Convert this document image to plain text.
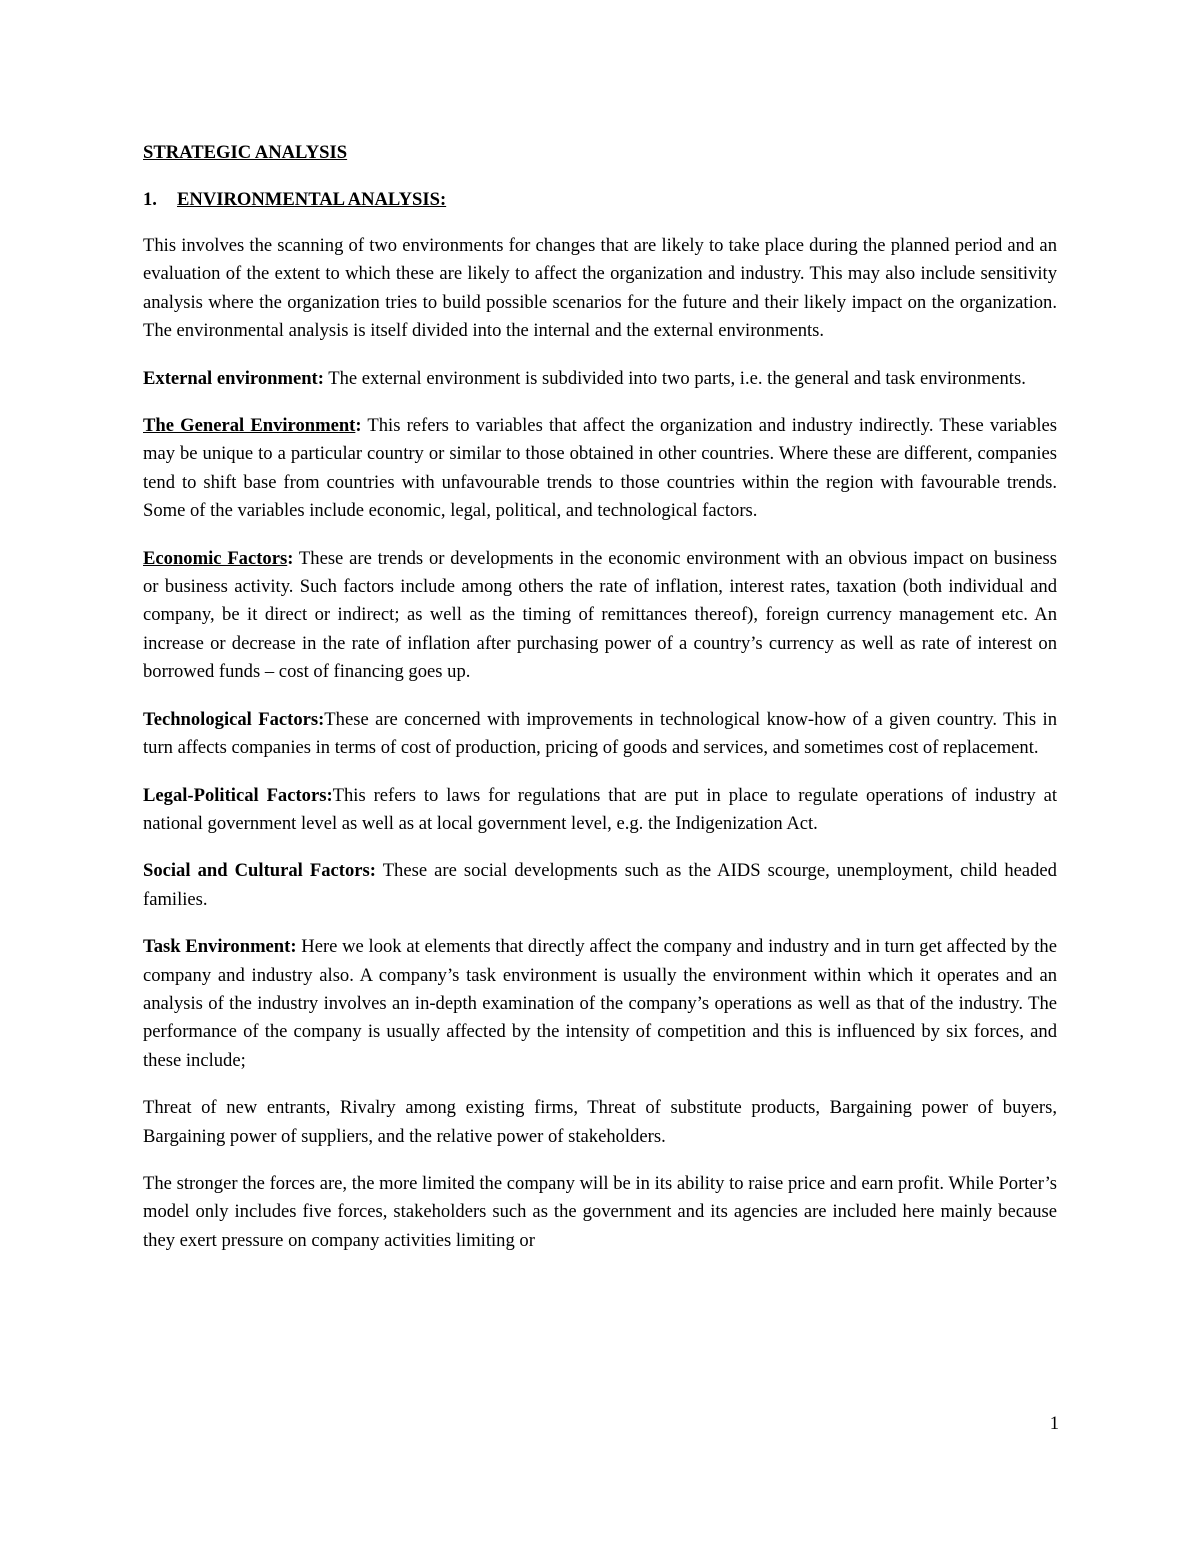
STRATEGIC ANALYSIS
1. ENVIRONMENTAL ANALYSIS:

This involves the scanning of two environments for changes that are likely to take place during the planned period and an evaluation of the extent to which these are likely to affect the organization and industry. This may also include sensitivity analysis where the organization tries to build possible scenarios for the future and their likely impact on the organization. The environmental analysis is itself divided into the internal and the external environments.

External environment: The external environment is subdivided into two parts, i.e. the general and task environments.

The General Environment: This refers to variables that affect the organization and industry indirectly. These variables may be unique to a particular country or similar to those obtained in other countries. Where these are different, companies tend to shift base from countries with unfavourable trends to those countries within the region with favourable trends. Some of the variables include economic, legal, political, and technological factors.

Economic Factors: These are trends or developments in the economic environment with an obvious impact on business or business activity. Such factors include among others the rate of inflation, interest rates, taxation (both individual and company, be it direct or indirect; as well as the timing of remittances thereof), foreign currency management etc. An increase or decrease in the rate of inflation after purchasing power of a country’s currency as well as rate of interest on borrowed funds – cost of financing goes up.

Technological Factors:These are concerned with improvements in technological know-how of a given country. This in turn affects companies in terms of cost of production, pricing of goods and services, and sometimes cost of replacement.

Legal-Political Factors:This refers to laws for regulations that are put in place to regulate operations of industry at national government level as well as at local government level, e.g. the Indigenization Act.

Social and Cultural Factors: These are social developments such as the AIDS scourge, unemployment, child headed families.

Task Environment: Here we look at elements that directly affect the company and industry and in turn get affected by the company and industry also. A company’s task environment is usually the environment within which it operates and an analysis of the industry involves an in-depth examination of the company’s operations as well as that of the industry. The performance of the company is usually affected by the intensity of competition and this is influenced by six forces, and these include;

Threat of new entrants, Rivalry among existing firms, Threat of substitute products, Bargaining power of buyers, Bargaining power of suppliers, and the relative power of stakeholders.

The stronger the forces are, the more limited the company will be in its ability to raise price and earn profit. While Porter’s model only includes five forces, stakeholders such as the government and its agencies are included here mainly because they exert pressure on company activities limiting or

1
